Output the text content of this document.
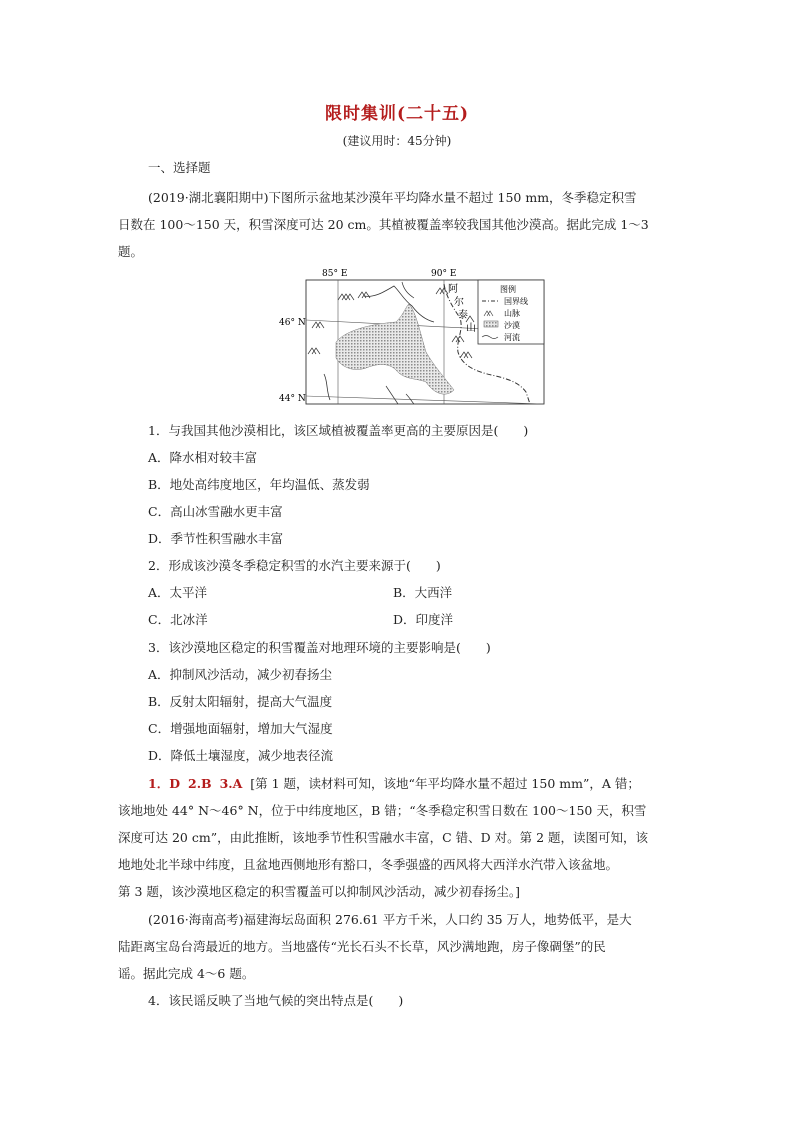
限时集训(二十五)
(建议用时：45分钟)
一、选择题
(2019·湖北襄阳期中)下图所示盆地某沙漠年平均降水量不超过 150 mm，冬季稳定积雪
日数在 100～150 天，积雪深度可达 20 cm。其植被覆盖率较我国其他沙漠高。据此完成 1～3
题。
85° E	90° E
46° N
44° N
阿
尔
泰
山
图例
国界线
山脉
沙漠
河流
1．与我国其他沙漠相比，该区域植被覆盖率更高的主要原因是(　　)
A．降水相对较丰富
B．地处高纬度地区，年均温低、蒸发弱
C．高山冰雪融水更丰富
D．季节性积雪融水丰富
2．形成该沙漠冬季稳定积雪的水汽主要来源于(　　)
A．太平洋	B．大西洋
C．北冰洋	D．印度洋
3．该沙漠地区稳定的积雪覆盖对地理环境的主要影响是(　　)
A．抑制风沙活动，减少初春扬尘
B．反射太阳辐射，提高大气温度
C．增强地面辐射，增加大气湿度
D．降低土壤湿度，减少地表径流
1．D 2.B 3.A [第 1 题，读材料可知，该地“年平均降水量不超过 150 mm”，A 错；
该地地处 44° N～46° N，位于中纬度地区，B 错；“冬季稳定积雪日数在 100～150 天，积雪
深度可达 20 cm”，由此推断，该地季节性积雪融水丰富，C 错、D 对。第 2 题，读图可知，该
地地处北半球中纬度，且盆地西侧地形有豁口，冬季强盛的西风将大西洋水汽带入该盆地。
第 3 题，该沙漠地区稳定的积雪覆盖可以抑制风沙活动，减少初春扬尘。]
(2016·海南高考)福建海坛岛面积 276.61 平方千米，人口约 35 万人，地势低平，是大
陆距离宝岛台湾最近的地方。当地盛传“光长石头不长草，风沙满地跑，房子像碉堡”的民
谣。据此完成 4～6 题。
4．该民谣反映了当地气候的突出特点是(　　)
